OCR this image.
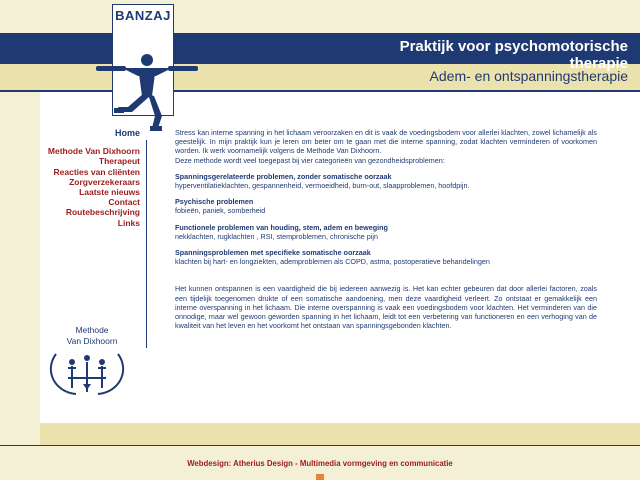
Praktijk voor psychomotorische therapie
Adem- en ontspanningstherapie
BANZAJ
Home
Methode Van Dixhoorn
Therapeut
Reacties van cliënten
Zorgverzekeraars
Laatste nieuws
Contact
Routebeschrijving
Links
Methode
Van Dixhoorn

Stress kan interne spanning in het lichaam veroorzaken en dit is vaak de voedingsbodem voor allerlei klachten, zowel lichamelijk als geestelijk. In mijn praktijk kun je leren om beter om te gaan met die interne spanning, zodat klachten verminderen of voorkomen worden. Ik werk voornamelijk volgens de Methode Van Dixhoorn.

Deze methode wordt veel toegepast bij vier categorieën van gezondheidsproblemen:

Spanningsgerelateerde problemen, zonder somatische oorzaak

hyperventilatieklachten, gespannenheid, vermoeidheid, burn-out, slaapproblemen, hoofdpijn.

Psychische problemen

fobieën, paniek, somberheid

Functionele problemen van houding, stem, adem en beweging

nekklachten, rugklachten , RSI, stemproblemen, chronische pijn

Spanningsproblemen met specifieke somatische oorzaak

klachten bij hart- en longziekten, ademproblemen als COPD, astma, postoperatieve behandelingen

Het kunnen ontspannen is een vaardigheid die bij iedereen aanwezig is. Het kan echter gebeuren dat door allerlei factoren, zoals een tijdelijk toegenomen drukte of een somatische aandoening, men deze vaardigheid verleert. Zo ontstaat er gemakkelijk een interne overspanning in het lichaam. Die interne overspanning is vaak een voedingsbodem voor klachten. Het verminderen van die onnodige, maar wel gewoon geworden spanning in het lichaam, leidt tot een verbetering van functioneren en een verhoging van de kwaliteit van het leven en het voorkomt het ontstaan van spanningsgebonden klachten.

Webdesign: Atherius Design - Multimedia vormgeving en communicatie
